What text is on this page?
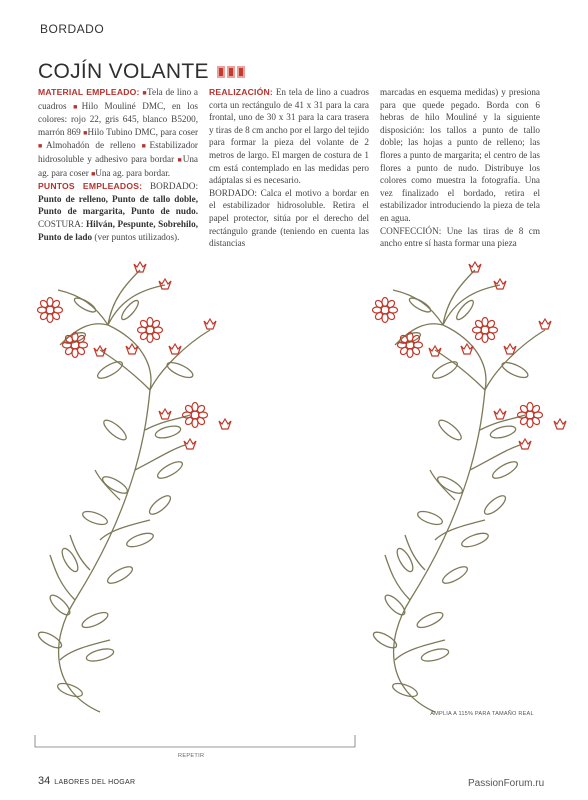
BORDADO
COJÍN VOLANTE
MATERIAL EMPLEADO: ■Tela de lino a cuadros ■Hilo Mouliné DMC, en los colores: rojo 22, gris 645, blanco B5200, marrón 869 ■Hilo Tubino DMC, para coser ■Almohadón de relleno ■Estabilizador hidrosoluble y adhesivo para bordar ■Una ag. para coser ■Una ag. para bordar.
PUNTOS EMPLEADOS: BORDADO: Punto de relleno, Punto de tallo doble, Punto de margarita, Punto de nudo. COSTURA: Hilván, Pespunte, Sobrehilo, Punto de lado (ver puntos utilizados).
REALIZACIÓN: En tela de lino a cuadros corta un rectángulo de 41 x 31 para la cara frontal, uno de 30 x 31 para la cara trasera y tiras de 8 cm ancho por el largo del tejido para formar la pieza del volante de 2 metros de largo. El margen de costura de 1 cm está contemplado en las medidas pero adáptalas si es necesario.
BORDADO: Calca el motivo a bordar en el estabilizador hidrosoluble. Retira el papel protector, sitúa por el derecho del rectángulo grande (teniendo en cuenta las distancias
marcadas en esquema medidas) y presiona para que quede pegado. Borda con 6 hebras de hilo Mouliné y la siguiente disposición: los tallos a punto de tallo doble; las hojas a punto de relleno; las flores a punto de margarita; el centro de las flores a punto de nudo. Distribuye los colores como muestra la fotografía. Una vez finalizado el bordado, retira el estabilizador introduciendo la pieza de tela en agua.
CONFECCIÓN: Une las tiras de 8 cm ancho entre sí hasta formar una pieza
AMPLIA A 115% PARA TAMAÑO REAL
REPETIR
34 LABORES DEL HOGAR	PassionForum.ru
